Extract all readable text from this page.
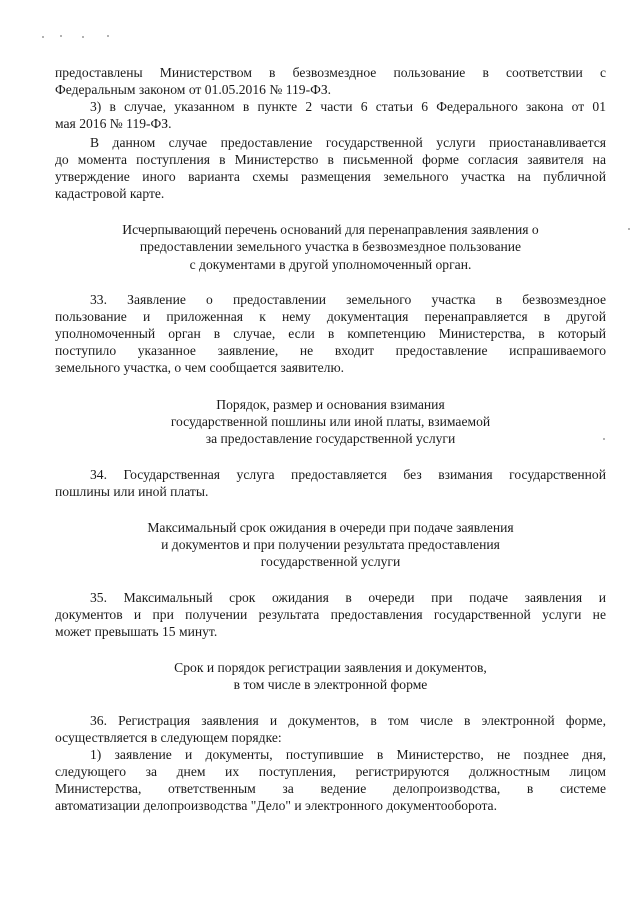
предоставлены Министерством в безвозмездное пользование в соответствии с
Федеральным законом от 01.05.2016 № 119-ФЗ.
3) в случае, указанном в пункте 2 части 6 статьи 6 Федерального закона от 01
мая 2016 № 119-ФЗ.
В данном случае предоставление государственной услуги приостанавливается
до момента поступления в Министерство в письменной форме согласия заявителя на
утверждение иного варианта схемы размещения земельного участка на публичной
кадастровой карте.
Исчерпывающий перечень оснований для перенаправления заявления о
предоставлении земельного участка в безвозмездное пользование
с документами в другой уполномоченный орган.
33. Заявление о предоставлении земельного участка в безвозмездное
пользование и приложенная к нему документация перенаправляется в другой
уполномоченный орган в случае, если в компетенцию Министерства, в который
поступило указанное заявление, не входит предоставление испрашиваемого
земельного участка, о чем сообщается заявителю.
Порядок, размер и основания взимания
государственной пошлины или иной платы, взимаемой
за предоставление государственной услуги
34. Государственная услуга предоставляется без взимания государственной
пошлины или иной платы.
Максимальный срок ожидания в очереди при подаче заявления
и документов и при получении результата предоставления
государственной услуги
35. Максимальный срок ожидания в очереди при подаче заявления и
документов и при получении результата предоставления государственной услуги не
может превышать 15 минут.
Срок и порядок регистрации заявления и документов,
в том числе в электронной форме
36. Регистрация заявления и документов, в том числе в электронной форме,
осуществляется в следующем порядке:
1) заявление и документы, поступившие в Министерство, не позднее дня,
следующего за днем их поступления, регистрируются должностным лицом
Министерства, ответственным за ведение делопроизводства, в системе
автоматизации делопроизводства "Дело" и электронного документооборота.
